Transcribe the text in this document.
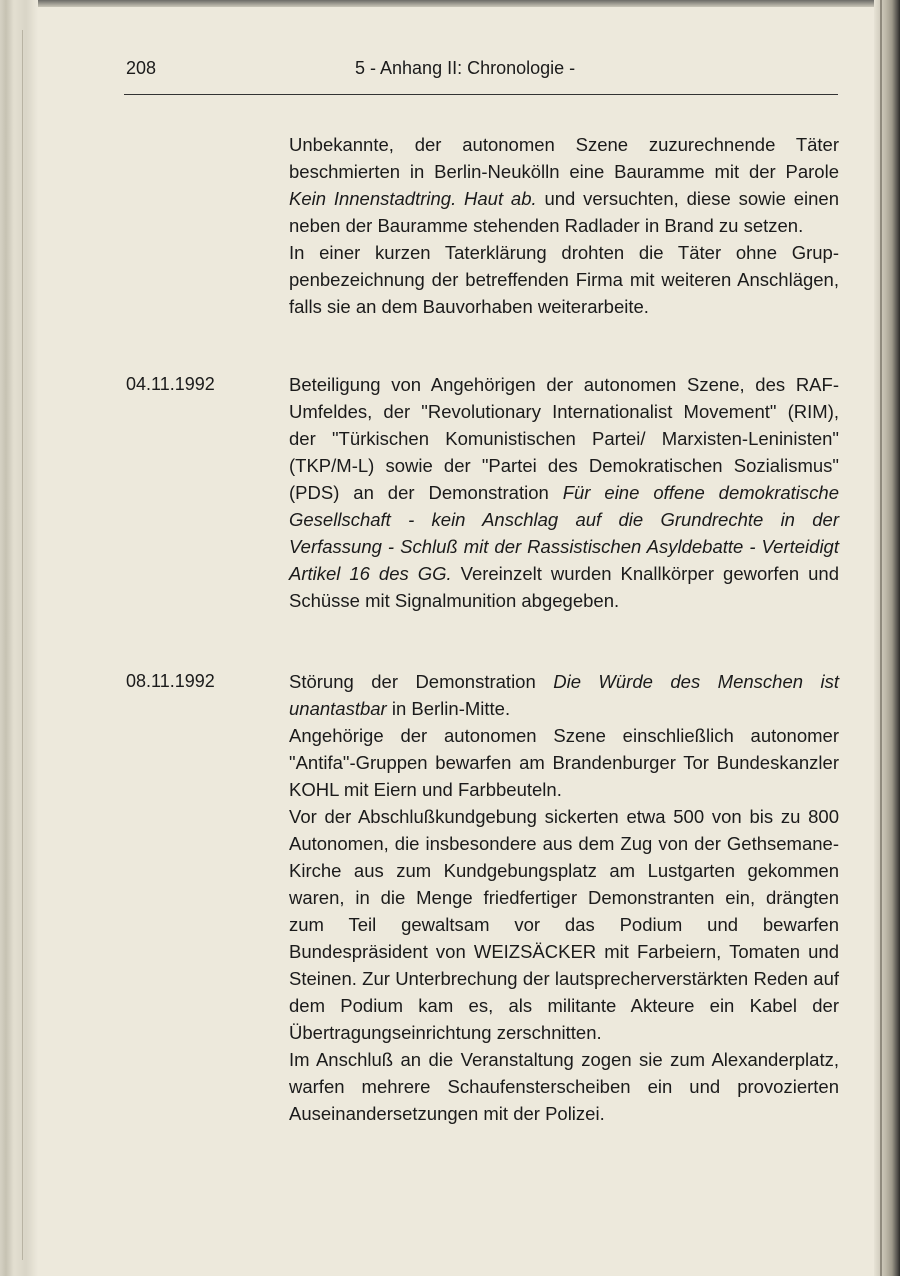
208	5 - Anhang II: Chronologie -

Unbekannte, der autonomen Szene zuzurechnende Täter beschmierten in Berlin-Neukölln eine Bauramme mit der Parole Kein Innenstadtring. Haut ab. und versuchten, diese sowie einen neben der Bauramme stehenden Radlader in Brand zu setzen.

In einer kurzen Taterklärung drohten die Täter ohne Gruppenbezeichnung der betreffenden Firma mit weiteren Anschlägen, falls sie an dem Bauvorhaben weiterarbeite.

04.11.1992	Beteiligung von Angehörigen der autonomen Szene, des RAF-Umfeldes, der "Revolutionary Internationalist Movement" (RIM), der "Türkischen Komunistischen Partei/ Marxisten-Leninisten" (TKP/M-L) sowie der "Partei des Demokratischen Sozialismus" (PDS) an der Demonstration Für eine offene demokratische Gesellschaft - kein Anschlag auf die Grundrechte in der Verfassung - Schluß mit der Rassistischen Asyldebatte - Verteidigt Artikel 16 des GG. Vereinzelt wurden Knallkörper geworfen und Schüsse mit Signalmunition abgegeben.

08.11.1992	Störung der Demonstration Die Würde des Menschen ist unantastbar in Berlin-Mitte.

Angehörige der autonomen Szene einschließlich autonomer "Antifa"-Gruppen bewarfen am Brandenburger Tor Bundeskanzler KOHL mit Eiern und Farbbeuteln.

Vor der Abschlußkundgebung sickerten etwa 500 von bis zu 800 Autonomen, die insbesondere aus dem Zug von der Gethsemane-Kirche aus zum Kundgebungsplatz am Lustgarten gekommen waren, in die Menge friedfertiger Demonstranten ein, drängten zum Teil gewaltsam vor das Podium und bewarfen Bundespräsident von WEIZSÄCKER mit Farbeiern, Tomaten und Steinen. Zur Unterbrechung der lautsprecherverstärkten Reden auf dem Podium kam es, als militante Akteure ein Kabel der Übertragungseinrichtung zerschnitten.

Im Anschluß an die Veranstaltung zogen sie zum Alexanderplatz, warfen mehrere Schaufensterscheiben ein und provozierten Auseinandersetzungen mit der Polizei.
